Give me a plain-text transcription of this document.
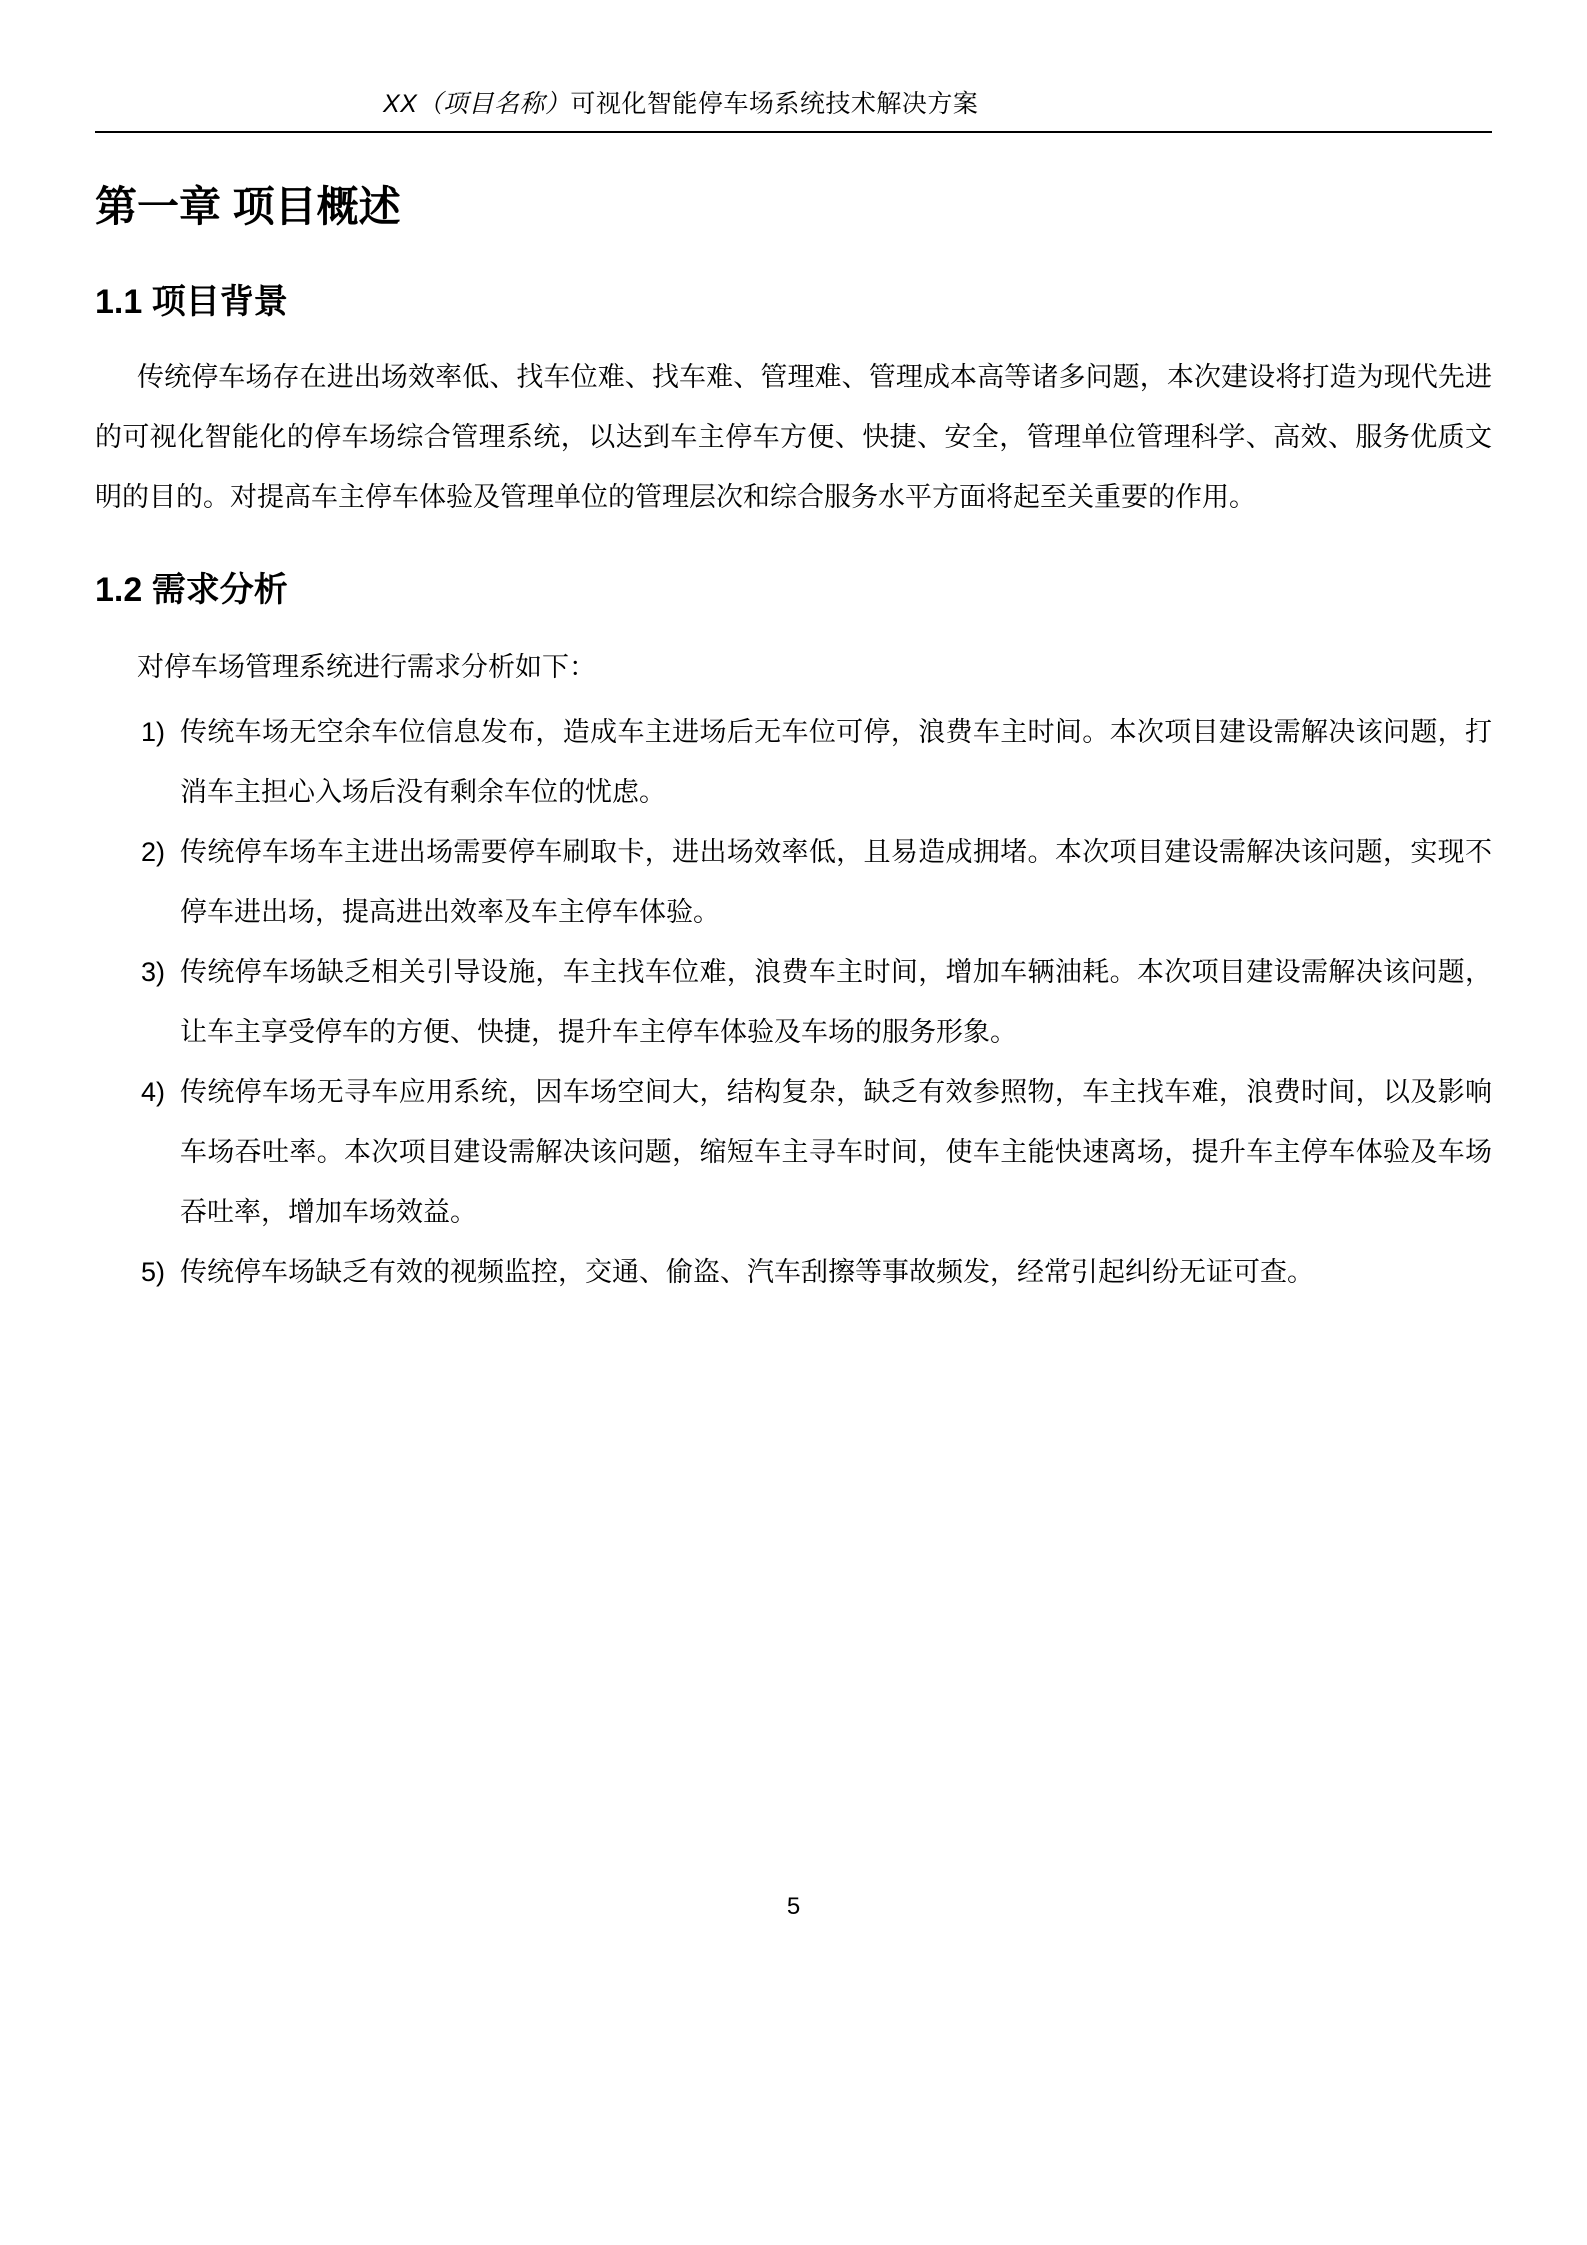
XX（项目名称）可视化智能停车场系统技术解决方案
第一章 项目概述
1.1 项目背景

传统停车场存在进出场效率低、找车位难、找车难、管理难、管理成本高等诸多问题，本次建设将打造为现代先进的可视化智能化的停车场综合管理系统，以达到车主停车方便、快捷、安全，管理单位管理科学、高效、服务优质文明的目的。对提高车主停车体验及管理单位的管理层次和综合服务水平方面将起至关重要的作用。

1.2 需求分析

对停车场管理系统进行需求分析如下：

1) 传统车场无空余车位信息发布，造成车主进场后无车位可停，浪费车主时间。本次项目建设需解决该问题，打消车主担心入场后没有剩余车位的忧虑。
2) 传统停车场车主进出场需要停车刷取卡，进出场效率低，且易造成拥堵。本次项目建设需解决该问题，实现不停车进出场，提高进出效率及车主停车体验。
3) 传统停车场缺乏相关引导设施，车主找车位难，浪费车主时间，增加车辆油耗。本次项目建设需解决该问题，让车主享受停车的方便、快捷，提升车主停车体验及车场的服务形象。
4) 传统停车场无寻车应用系统，因车场空间大，结构复杂，缺乏有效参照物，车主找车难，浪费时间，以及影响车场吞吐率。本次项目建设需解决该问题，缩短车主寻车时间，使车主能快速离场，提升车主停车体验及车场吞吐率，增加车场效益。
5) 传统停车场缺乏有效的视频监控，交通、偷盗、汽车刮擦等事故频发，经常引起纠纷无证可查。
5
